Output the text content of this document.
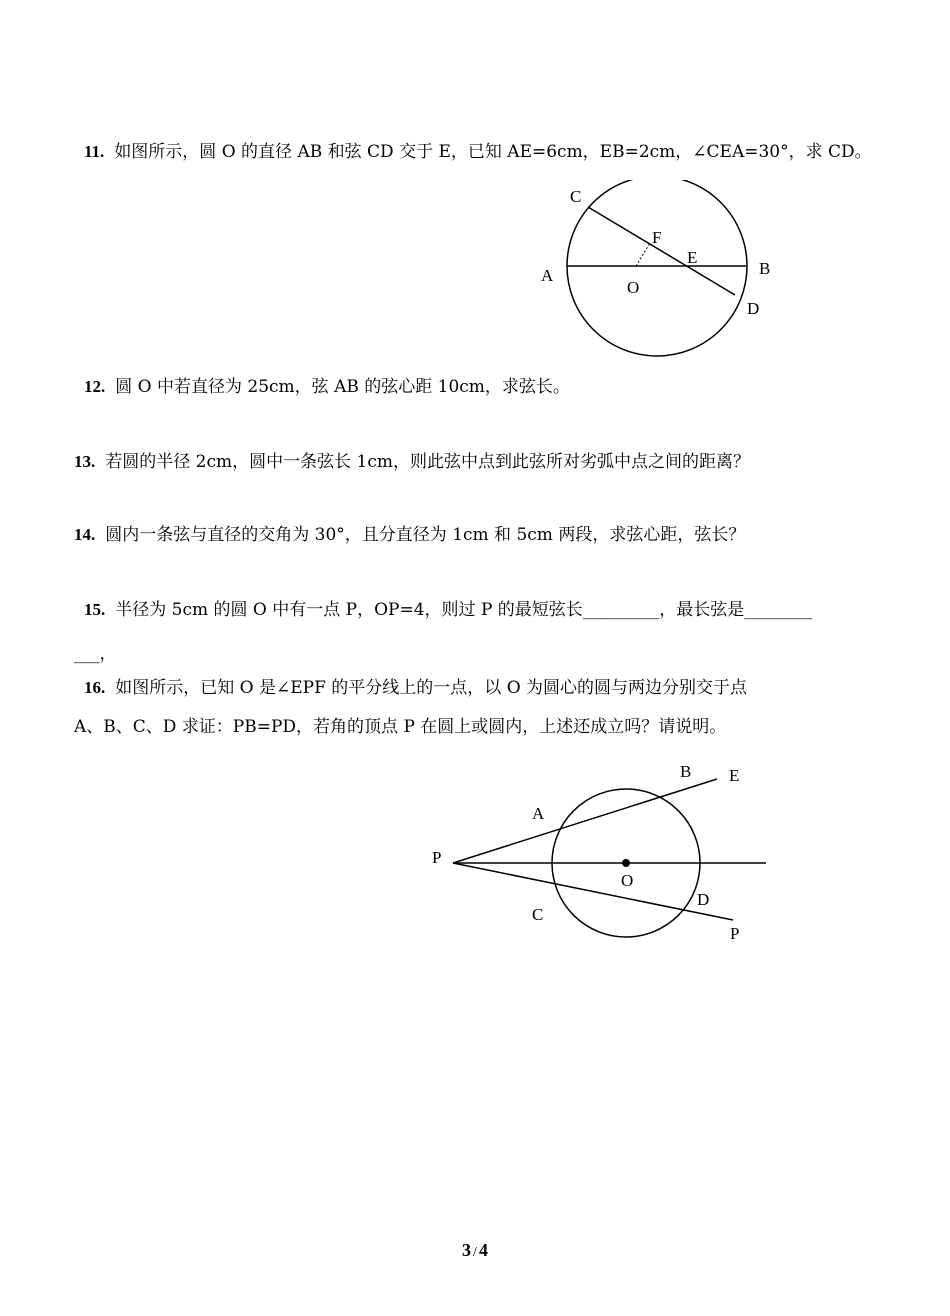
11. 如图所示，圆 O 的直径 AB 和弦 CD 交于 E，已知 AE=6cm，EB=2cm，∠CEA=30°，求 CD。
C
F
E
A	B
O
D
12. 圆 O 中若直径为 25cm，弦 AB 的弦心距 10cm，求弦长。
13. 若圆的半径 2cm，圆中一条弦长 1cm，则此弦中点到此弦所对劣弧中点之间的距离？
14. 圆内一条弦与直径的交角为 30°，且分直径为 1cm 和 5cm 两段，求弦心距，弦长？
15. 半径为 5cm 的圆 O 中有一点 P，OP=4，则过 P 的最短弦长_________，最长弦是________
___，
16. 如图所示，已知 O 是∠EPF 的平分线上的一点，以 O 为圆心的圆与两边分别交于点
A、B、C、D 求证：PB=PD，若角的顶点 P 在圆上或圆内，上述还成立吗？请说明。
B E
A
P
O
C
D
P
3 / 4
